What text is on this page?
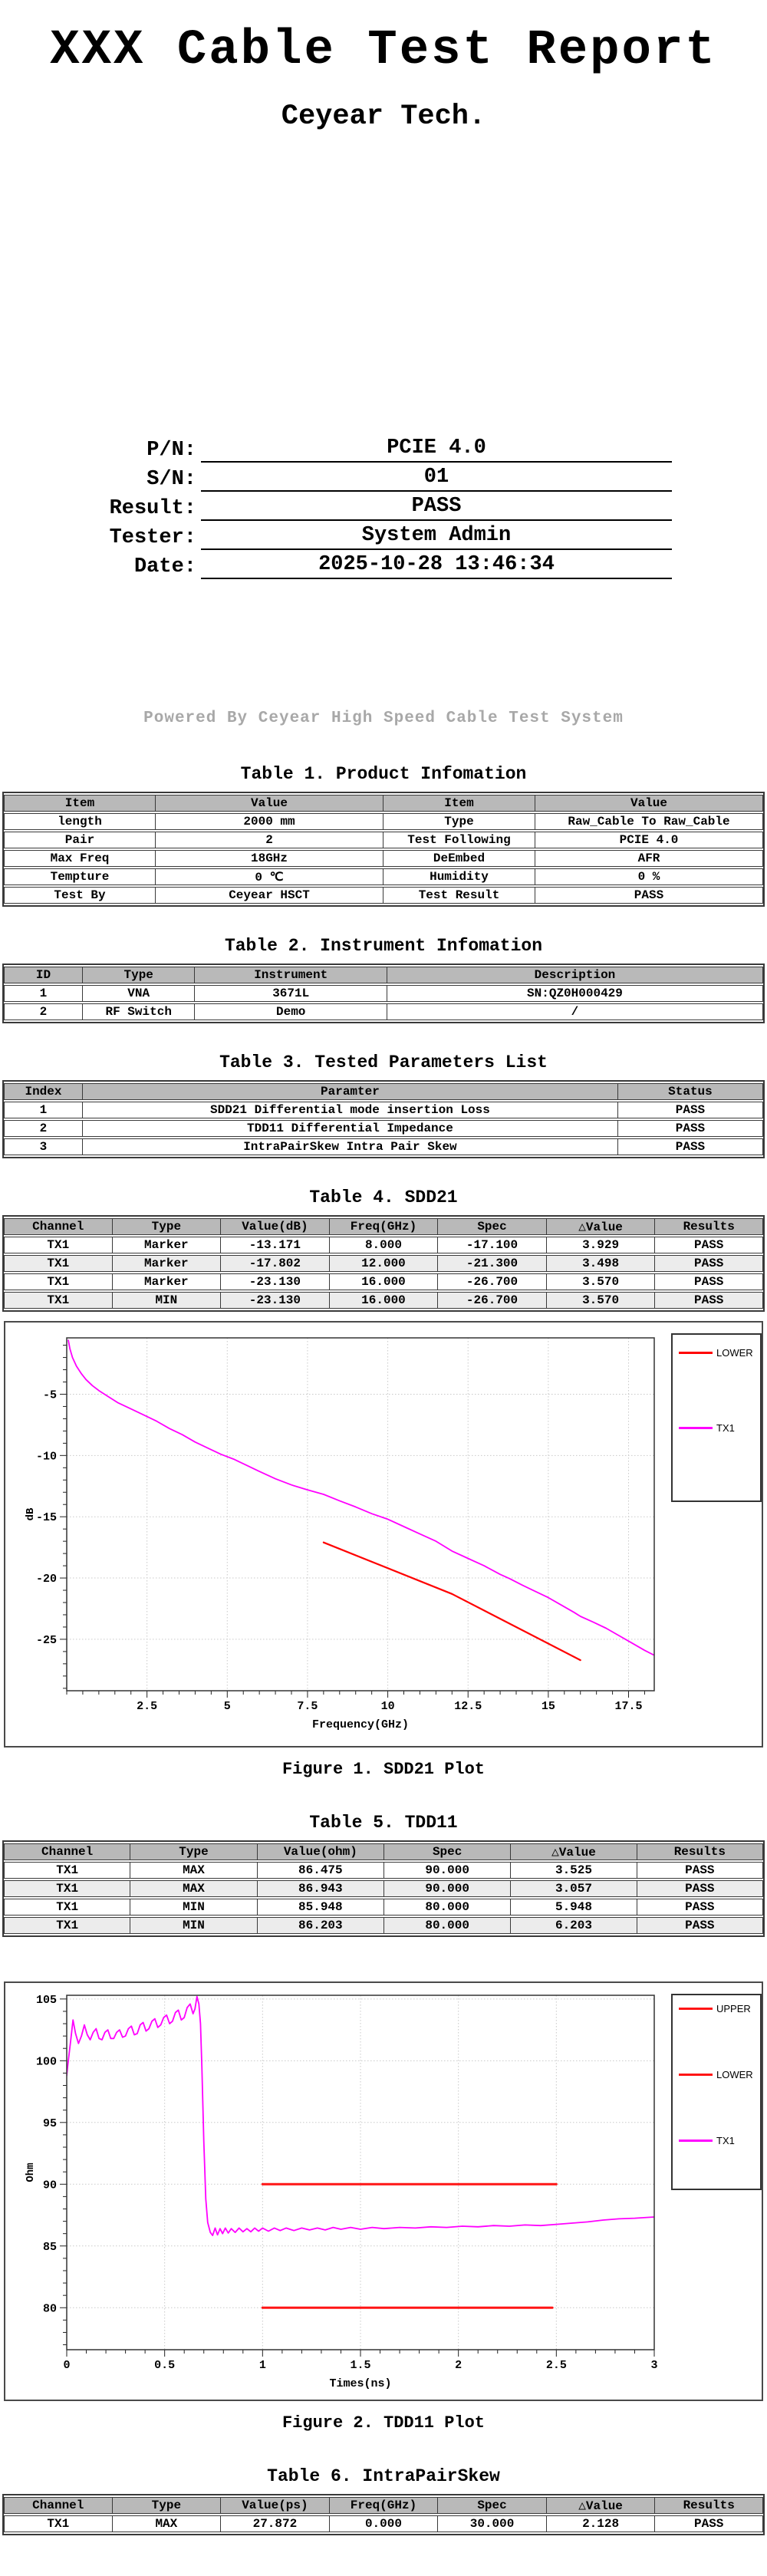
XXX Cable Test Report
Ceyear Tech.
P/N:	PCIE 4.0
S/N:	01
Result:	PASS
Tester:	System Admin
Date:	2025-10-28 13:46:34
Powered By Ceyear High Speed Cable Test System
Table 1. Product Infomation
Item	Value	Item	Value
length	2000 mm	Type	Raw_Cable To Raw_Cable
Pair	2	Test Following	PCIE 4.0
Max Freq	18GHz	DeEmbed	AFR
Tempture	0 ℃	Humidity	0 %
Test By	Ceyear HSCT	Test Result	PASS
Table 2. Instrument Infomation
ID	Type	Instrument	Description
1	VNA	3671L	SN:QZ0H000429
2	RF Switch	Demo	/
Table 3. Tested Parameters List
Index	Paramter	Status
1	SDD21 Differential mode insertion Loss	PASS
2	TDD11 Differential Impedance	PASS
3	IntraPairSkew Intra Pair Skew	PASS
Table 4. SDD21
Channel	Type	Value(dB)	Freq(GHz)	Spec	△Value	Results
TX1	Marker	-13.171	8.000	-17.100	3.929	PASS
TX1	Marker	-17.802	12.000	-21.300	3.498	PASS
TX1	Marker	-23.130	16.000	-26.700	3.570	PASS
TX1	MIN	-23.130	16.000	-26.700	3.570	PASS
-5
-10
-15
-20
-25
2.5	5	7.5	10	12.5	15	17.5
dB
Frequency(GHz)
LOWER
TX1
Figure 1. SDD21 Plot
Table 5. TDD11
Channel	Type	Value(ohm)	Spec	△Value	Results
TX1	MAX	86.475	90.000	3.525	PASS
TX1	MAX	86.943	90.000	3.057	PASS
TX1	MIN	85.948	80.000	5.948	PASS
TX1	MIN	86.203	80.000	6.203	PASS
105
100
95
90
85
80
0	0.5	1	1.5	2	2.5	3
Ohm
Times(ns)
UPPER
LOWER
TX1
Figure 2. TDD11 Plot
Table 6. IntraPairSkew
Channel	Type	Value(ps)	Freq(GHz)	Spec	△Value	Results
TX1	MAX	27.872	0.000	30.000	2.128	PASS
